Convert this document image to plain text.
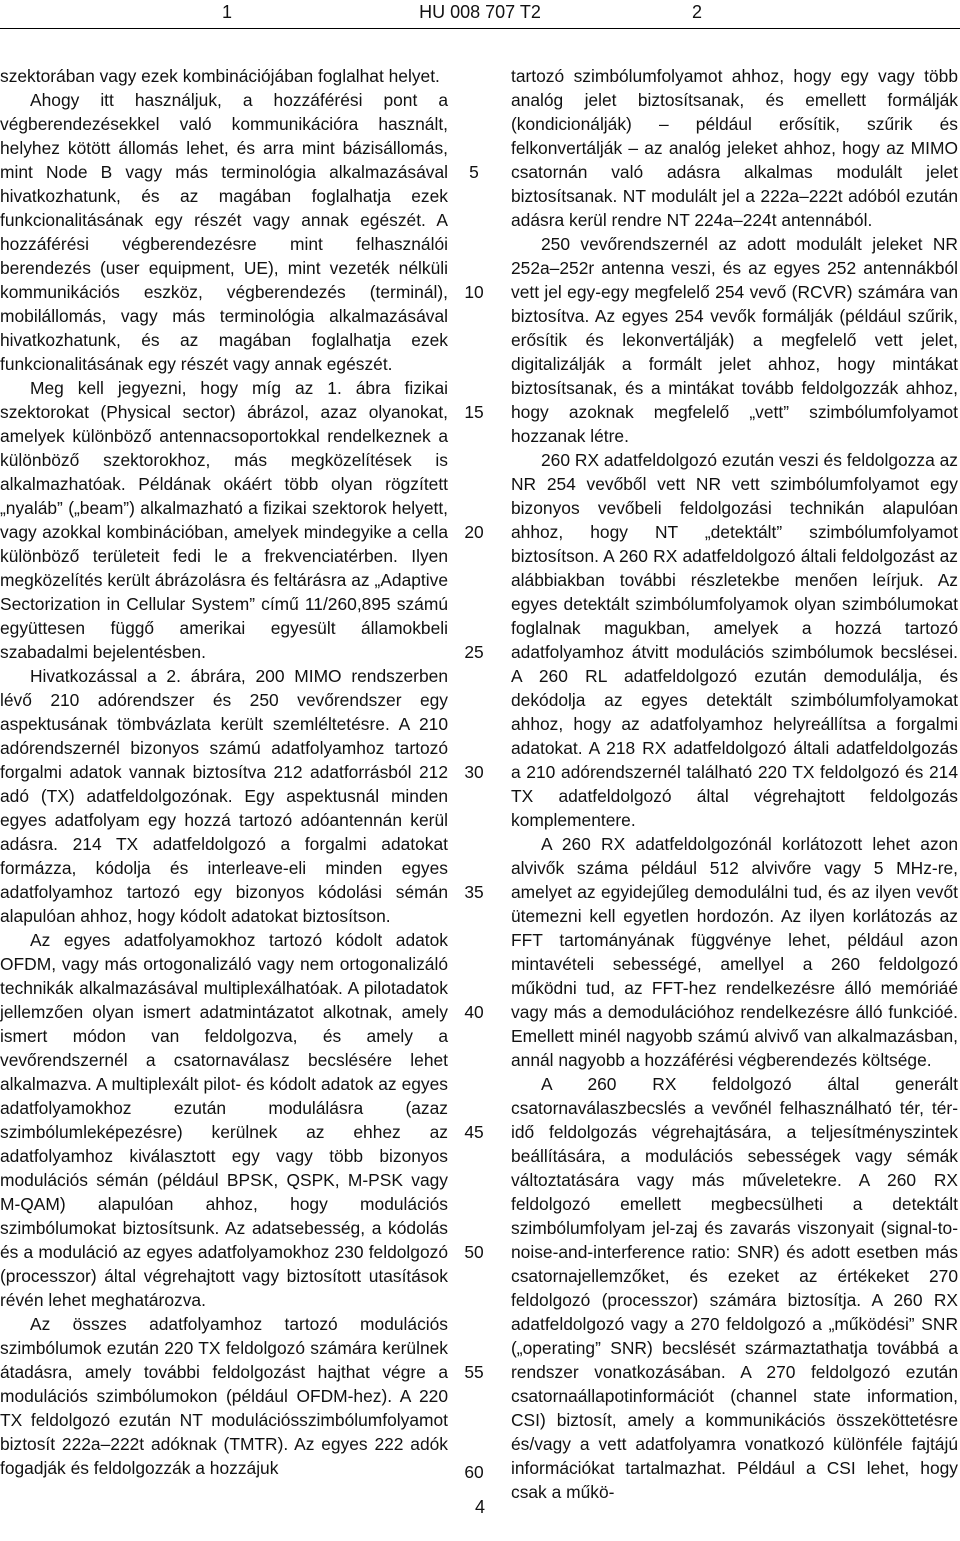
1	HU 008 707 T2	2

szektorában vagy ezek kombinációjában foglalhat helyet.

Ahogy itt használjuk, a hozzáférési pont a végberendezésekkel való kommunikációra használt, helyhez kötött állomás lehet, és arra mint bázisállomás, mint Node B vagy más terminológia alkalmazásával hivatkozhatunk, és az magában foglalhatja ezek funkcionalitásának egy részét vagy annak egészét. A hozzáférési végberendezésre mint felhasználói berendezés (user equipment, UE), mint vezeték nélküli kommunikációs eszköz, végberendezés (terminál), mobilállomás, vagy más terminológia alkalmazásával hivatkozhatunk, és az magában foglalhatja ezek funkcionalitásának egy részét vagy annak egészét.

Meg kell jegyezni, hogy míg az 1. ábra fizikai szektorokat (Physical sector) ábrázol, azaz olyanokat, amelyek különböző antennacsoportokkal rendelkeznek a különböző szektorokhoz, más megközelítések is alkalmazhatóak. Példának okáért több olyan rögzített „nyaláb” („beam”) alkalmazható a fizikai szektorok helyett, vagy azokkal kombinációban, amelyek mindegyike a cella különböző területeit fedi le a frekvenciatérben. Ilyen megközelítés került ábrázolásra és feltárásra az „Adaptive Sectorization in Cellular System” című 11/260,895 számú együttesen függő amerikai egyesült államokbeli szabadalmi bejelentésben.

Hivatkozással a 2. ábrára, 200 MIMO rendszerben lévő 210 adórendszer és 250 vevőrendszer egy aspektusának tömbvázlata került szemléltetésre. A 210 adórendszernél bizonyos számú adatfolyamhoz tartozó forgalmi adatok vannak biztosítva 212 adatforrásból 212 adó (TX) adatfeldolgozónak. Egy aspektusnál minden egyes adatfolyam egy hozzá tartozó adóantennán kerül adásra. 214 TX adatfeldolgozó a forgalmi adatokat formázza, kódolja és interleave-eli minden egyes adatfolyamhoz tartozó egy bizonyos kódolási sémán alapulóan ahhoz, hogy kódolt adatokat biztosítson.

Az egyes adatfolyamokhoz tartozó kódolt adatok OFDM, vagy más ortogonalizáló vagy nem ortogonalizáló technikák alkalmazásával multiplexálhatóak. A pilotadatok jellemzően olyan ismert adatmintázatot alkotnak, amely ismert módon van feldolgozva, és amely a vevőrendszernél a csatornaválasz becslésére lehet alkalmazva. A multiplexált pilot- és kódolt adatok az egyes adatfolyamokhoz ezután modulálásra (azaz szimbólumleképezésre) kerülnek az ehhez az adatfolyamhoz kiválasztott egy vagy több bizonyos modulációs sémán (például BPSK, QSPK, M-PSK vagy M-QAM) alapulóan ahhoz, hogy modulációs szimbólumokat biztosítsunk. Az adatsebesség, a kódolás és a moduláció az egyes adatfolyamokhoz 230 feldolgozó (processzor) által végrehajtott vagy biztosított utasítások révén lehet meghatározva.

Az összes adatfolyamhoz tartozó modulációs szimbólumok ezután 220 TX feldolgozó számára kerülnek átadásra, amely további feldolgozást hajthat végre a modulációs szimbólumokon (például OFDM-hez). A 220 TX feldolgozó ezután NT modulációsszimbólumfolyamot biztosít 222a–222t adóknak (TMTR). Az egyes 222 adók fogadják és feldolgozzák a hozzájuk

5
10
15
20
25
30
35
40
45
50
55
60

tartozó szimbólumfolyamot ahhoz, hogy egy vagy több analóg jelet biztosítsanak, és emellett formálják (kondicionálják) – például erősítik, szűrik és felkonvertálják – az analóg jeleket ahhoz, hogy az MIMO csatornán való adásra alkalmas modulált jelet biztosítsanak. NT modulált jel a 222a–222t adóból ezután adásra kerül rendre NT 224a–224t antennából.

250 vevőrendszernél az adott modulált jeleket NR 252a–252r antenna veszi, és az egyes 252 antennákból vett jel egy-egy megfelelő 254 vevő (RCVR) számára van biztosítva. Az egyes 254 vevők formálják (például szűrik, erősítik és lekonvertálják) a megfelelő vett jelet, digitalizálják a formált jelet ahhoz, hogy mintákat biztosítsanak, és a mintákat tovább feldolgozzák ahhoz, hogy azoknak megfelelő „vett” szimbólumfolyamot hozzanak létre.

260 RX adatfeldolgozó ezután veszi és feldolgozza az NR 254 vevőből vett NR vett szimbólumfolyamot egy bizonyos vevőbeli feldolgozási technikán alapulóan ahhoz, hogy NT „detektált” szimbólumfolyamot biztosítson. A 260 RX adatfeldolgozó általi feldolgozást az alábbiakban további részletekbe menően leírjuk. Az egyes detektált szimbólumfolyamok olyan szimbólumokat foglalnak magukban, amelyek a hozzá tartozó adatfolyamhoz átvitt modulációs szimbólumok becslései. A 260 RL adatfeldolgozó ezután demodulálja, és dekódolja az egyes detektált szimbólumfolyamokat ahhoz, hogy az adatfolyamhoz helyreállítsa a forgalmi adatokat. A 218 RX adatfeldolgozó általi adatfeldolgozás a 210 adórendszernél található 220 TX feldolgozó és 214 TX adatfeldolgozó által végrehajtott feldolgozás komplementere.

A 260 RX adatfeldolgozónál korlátozott lehet azon alvivők száma például 512 alvivőre vagy 5 MHz-re, amelyet az egyidejűleg demodulálni tud, és az ilyen vevőt ütemezni kell egyetlen hordozón. Az ilyen korlátozás az FFT tartományának függvénye lehet, például azon mintavételi sebességé, amellyel a 260 feldolgozó működni tud, az FFT-hez rendelkezésre álló memóriáé vagy más a demodulációhoz rendelkezésre álló funkcióé. Emellett minél nagyobb számú alvivő van alkalmazásban, annál nagyobb a hozzáférési végberendezés költsége.

A 260 RX feldolgozó által generált csatornaválaszbecslés a vevőnél felhasználható tér, tér-idő feldolgozás végrehajtására, a teljesítményszintek beállítására, a modulációs sebességek vagy sémák változtatására vagy más műveletekre. A 260 RX feldolgozó emellett megbecsülheti a detektált szimbólumfolyam jel-zaj és zavarás viszonyait (signal-to-noise-and-interference ratio: SNR) és adott esetben más csatornajellemzőket, és ezeket az értékeket 270 feldolgozó (processzor) számára biztosítja. A 260 RX adatfeldolgozó vagy a 270 feldolgozó a „működési” SNR („operating” SNR) becslését származtathatja továbbá a rendszer vonatkozásában. A 270 feldolgozó ezután csatornaállapotinformációt (channel state information, CSI) biztosít, amely a kommunikációs összeköttetésre és/vagy a vett adatfolyamra vonatkozó különféle fajtájú információkat tartalmazhat. Például a CSI lehet, hogy csak a műkö-

4
